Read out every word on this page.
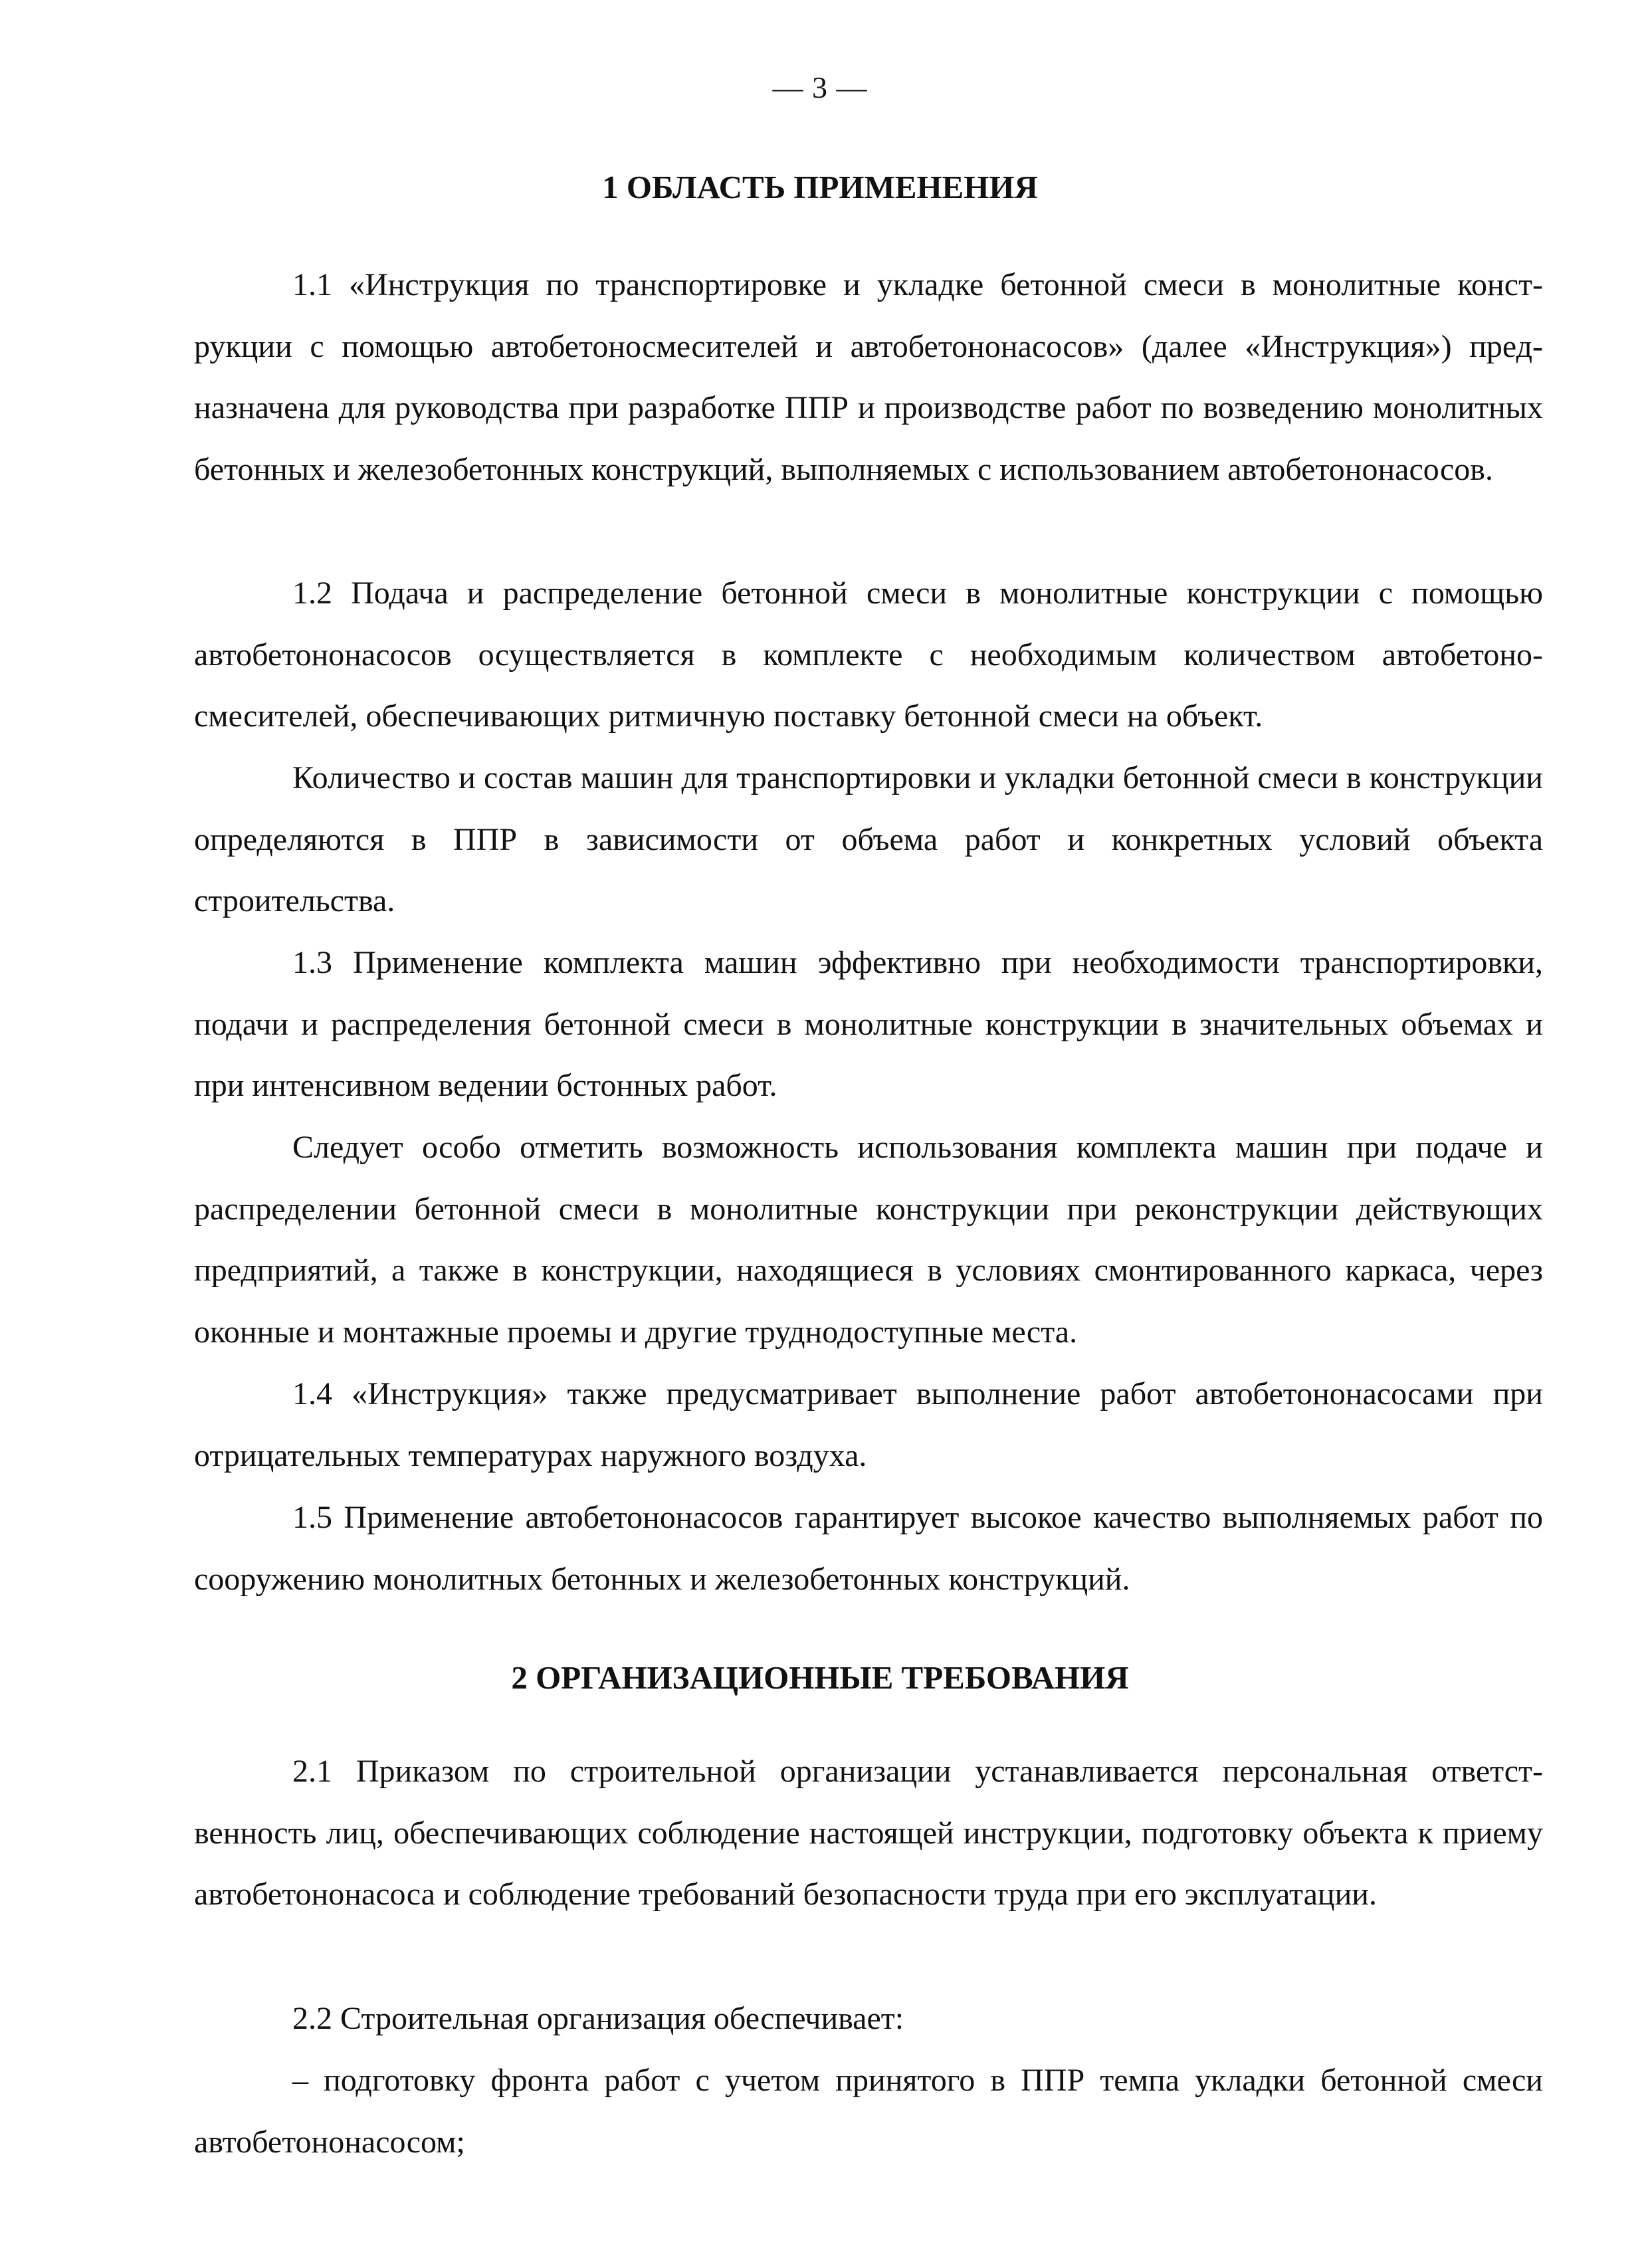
— 3 —
1 ОБЛАСТЬ ПРИМЕНЕНИЯ

1.1 «Инструкция по транспортировке и укладке бетонной смеси в монолитные конструкции с помощью автобетоносмесителей и автобетононасосов» (далее «Инструкция») предназначена для руководства при разработке ППР и производстве работ по возведению монолитных бетонных и железобетонных конструкций, выполняемых с использованием автобетононасосов.

1.2 Подача и распределение бетонной смеси в монолитные конструкции с помощью автобетононасосов осуществляется в комплекте с необходимым количеством автобетоносмесителей, обеспечивающих ритмичную поставку бетонной смеси на объект.

Количество и состав машин для транспортировки и укладки бетонной смеси в конструкции определяются в ППР в зависимости от объема работ и конкретных условий объекта строительства.

1.3 Применение комплекта машин эффективно при необходимости транспортировки, подачи и распределения бетонной смеси в монолитные конструкции в значительных объемах и при интенсивном ведении бстонных работ.

Следует особо отметить возможность использования комплекта машин при подаче и распределении бетонной смеси в монолитные конструкции при реконструкции действующих предприятий, а также в конструкции, находящиеся в условиях смонтированного каркаса, через оконные и монтажные проемы и другие труднодоступные места.

1.4 «Инструкция» также предусматривает выполнение работ автобетононасосами при отрицательных температурах наружного воздуха.

1.5 Применение автобетононасосов гарантирует высокое качество выполняемых работ по сооружению монолитных бетонных и железобетонных конструкций.

2 ОРГАНИЗАЦИОННЫЕ ТРЕБОВАНИЯ

2.1 Приказом по строительной организации устанавливается персональная ответственность лиц, обеспечивающих соблюдение настоящей инструкции, подготовку объекта к приему автобетононасоса и соблюдение требований безопасности труда при его эксплуатации.

2.2 Строительная организация обеспечивает:

– подготовку фронта работ с учетом принятого в ППР темпа укладки бетонной смеси автобетононасосом;
